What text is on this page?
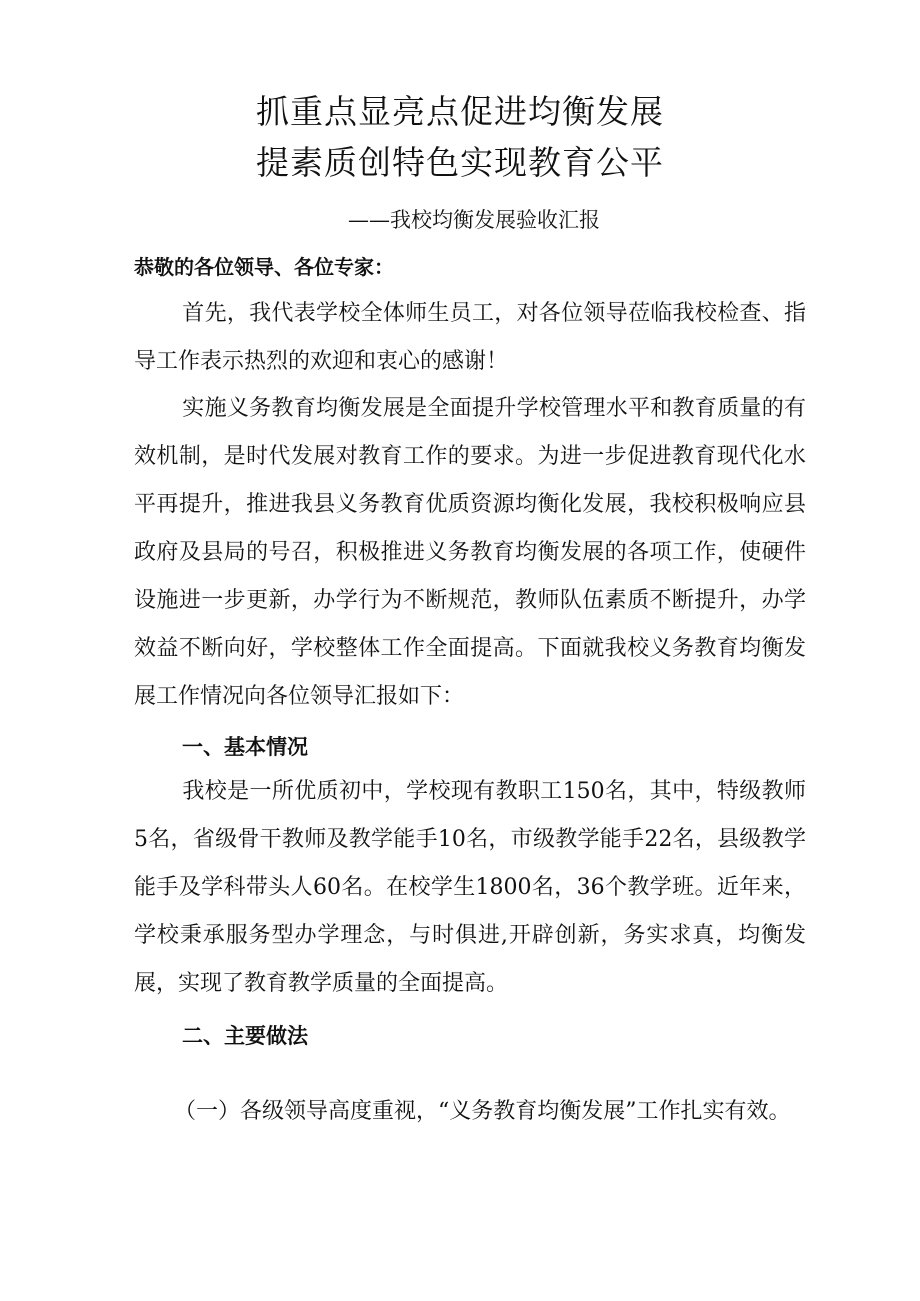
抓重点显亮点促进均衡发展
提素质创特色实现教育公平
——我校均衡发展验收汇报
恭敬的各位领导、各位专家：

首先，我代表学校全体师生员工，对各位领导莅临我校检查、指导工作表示热烈的欢迎和衷心的感谢！

实施义务教育均衡发展是全面提升学校管理水平和教育质量的有效机制，是时代发展对教育工作的要求。为进一步促进教育现代化水平再提升，推进我县义务教育优质资源均衡化发展，我校积极响应县政府及县局的号召，积极推进义务教育均衡发展的各项工作，使硬件设施进一步更新，办学行为不断规范，教师队伍素质不断提升，办学效益不断向好，学校整体工作全面提高。下面就我校义务教育均衡发展工作情况向各位领导汇报如下：

一、基本情况

我校是一所优质初中，学校现有教职工150名，其中，特级教师5名，省级骨干教师及教学能手10名，市级教学能手22名，县级教学能手及学科带头人60名。在校学生1800名，36个教学班。近年来，学校秉承服务型办学理念，与时俱进,开辟创新，务实求真，均衡发展，实现了教育教学质量的全面提高。

二、主要做法

（一）各级领导高度重视，“义务教育均衡发展”工作扎实有效。
